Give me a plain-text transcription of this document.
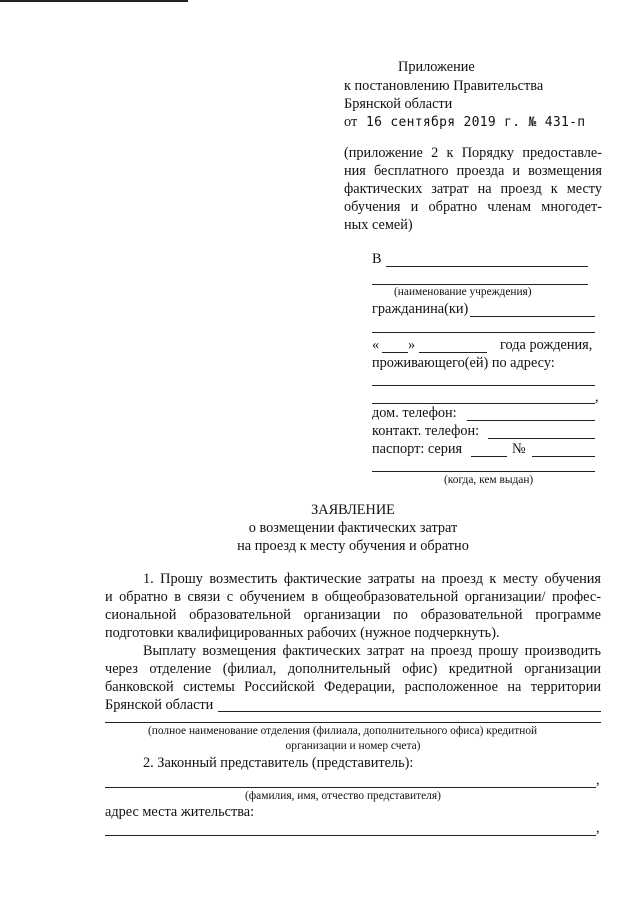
Приложение
к постановлению Правительства
Брянской области
от 16 сентября 2019 г. № 431-п
(приложение 2 к Порядку предоставле-
ния бесплатного проезда и возмещения
фактических затрат на проезд к месту
обучения и обратно членам многодет-
ных семей)
В
(наименование учреждения)
гражданина(ки)
« »	года рождения,
проживающего(ей) по адресу:
,
дом. телефон:
контакт. телефон:
паспорт: серия	№
(когда, кем выдан)
ЗАЯВЛЕНИЕ
о возмещении фактических затрат
на проезд к месту обучения и обратно
1. Прошу возместить фактические затраты на проезд к месту обучения
и обратно в связи с обучением в общеобразовательной организации/ профес-
сиональной образовательной организации по образовательной программе
подготовки квалифицированных рабочих (нужное подчеркнуть).
Выплату возмещения фактических затрат на проезд прошу производить
через отделение (филиал, дополнительный офис) кредитной организации
банковской системы Российской Федерации, расположенное на территории
Брянской области
(полное наименование отделения (филиала, дополнительного офиса) кредитной
организации и номер счета)
2. Законный представитель (представитель):
,
(фамилия, имя, отчество представителя)
адрес места жительства:
,
